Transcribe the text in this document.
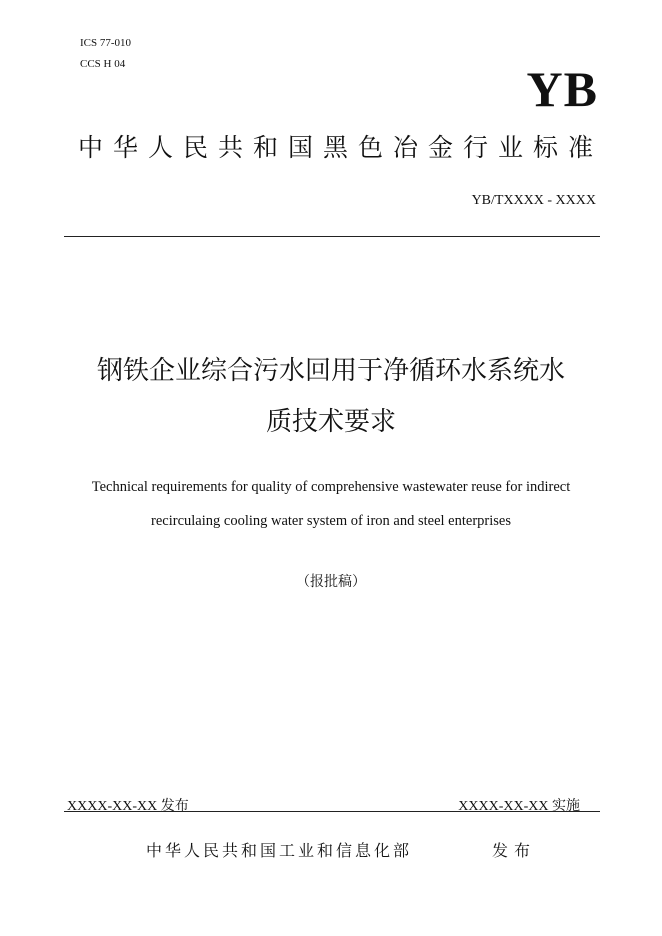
ICS 77-010
CCS H 04	YB
中华人民共和国黑色冶金行业标准
YB/TXXXX - XXXX
钢铁企业综合污水回用于净循环水系统水
质技术要求
Technical requirements for quality of comprehensive wastewater reuse for indirect
recirculaing cooling water system of iron and steel enterprises
（报批稿）
XXXX-XX-XX 发布	XXXX-XX-XX 实施
中华人民共和国工业和信息化部	发布
